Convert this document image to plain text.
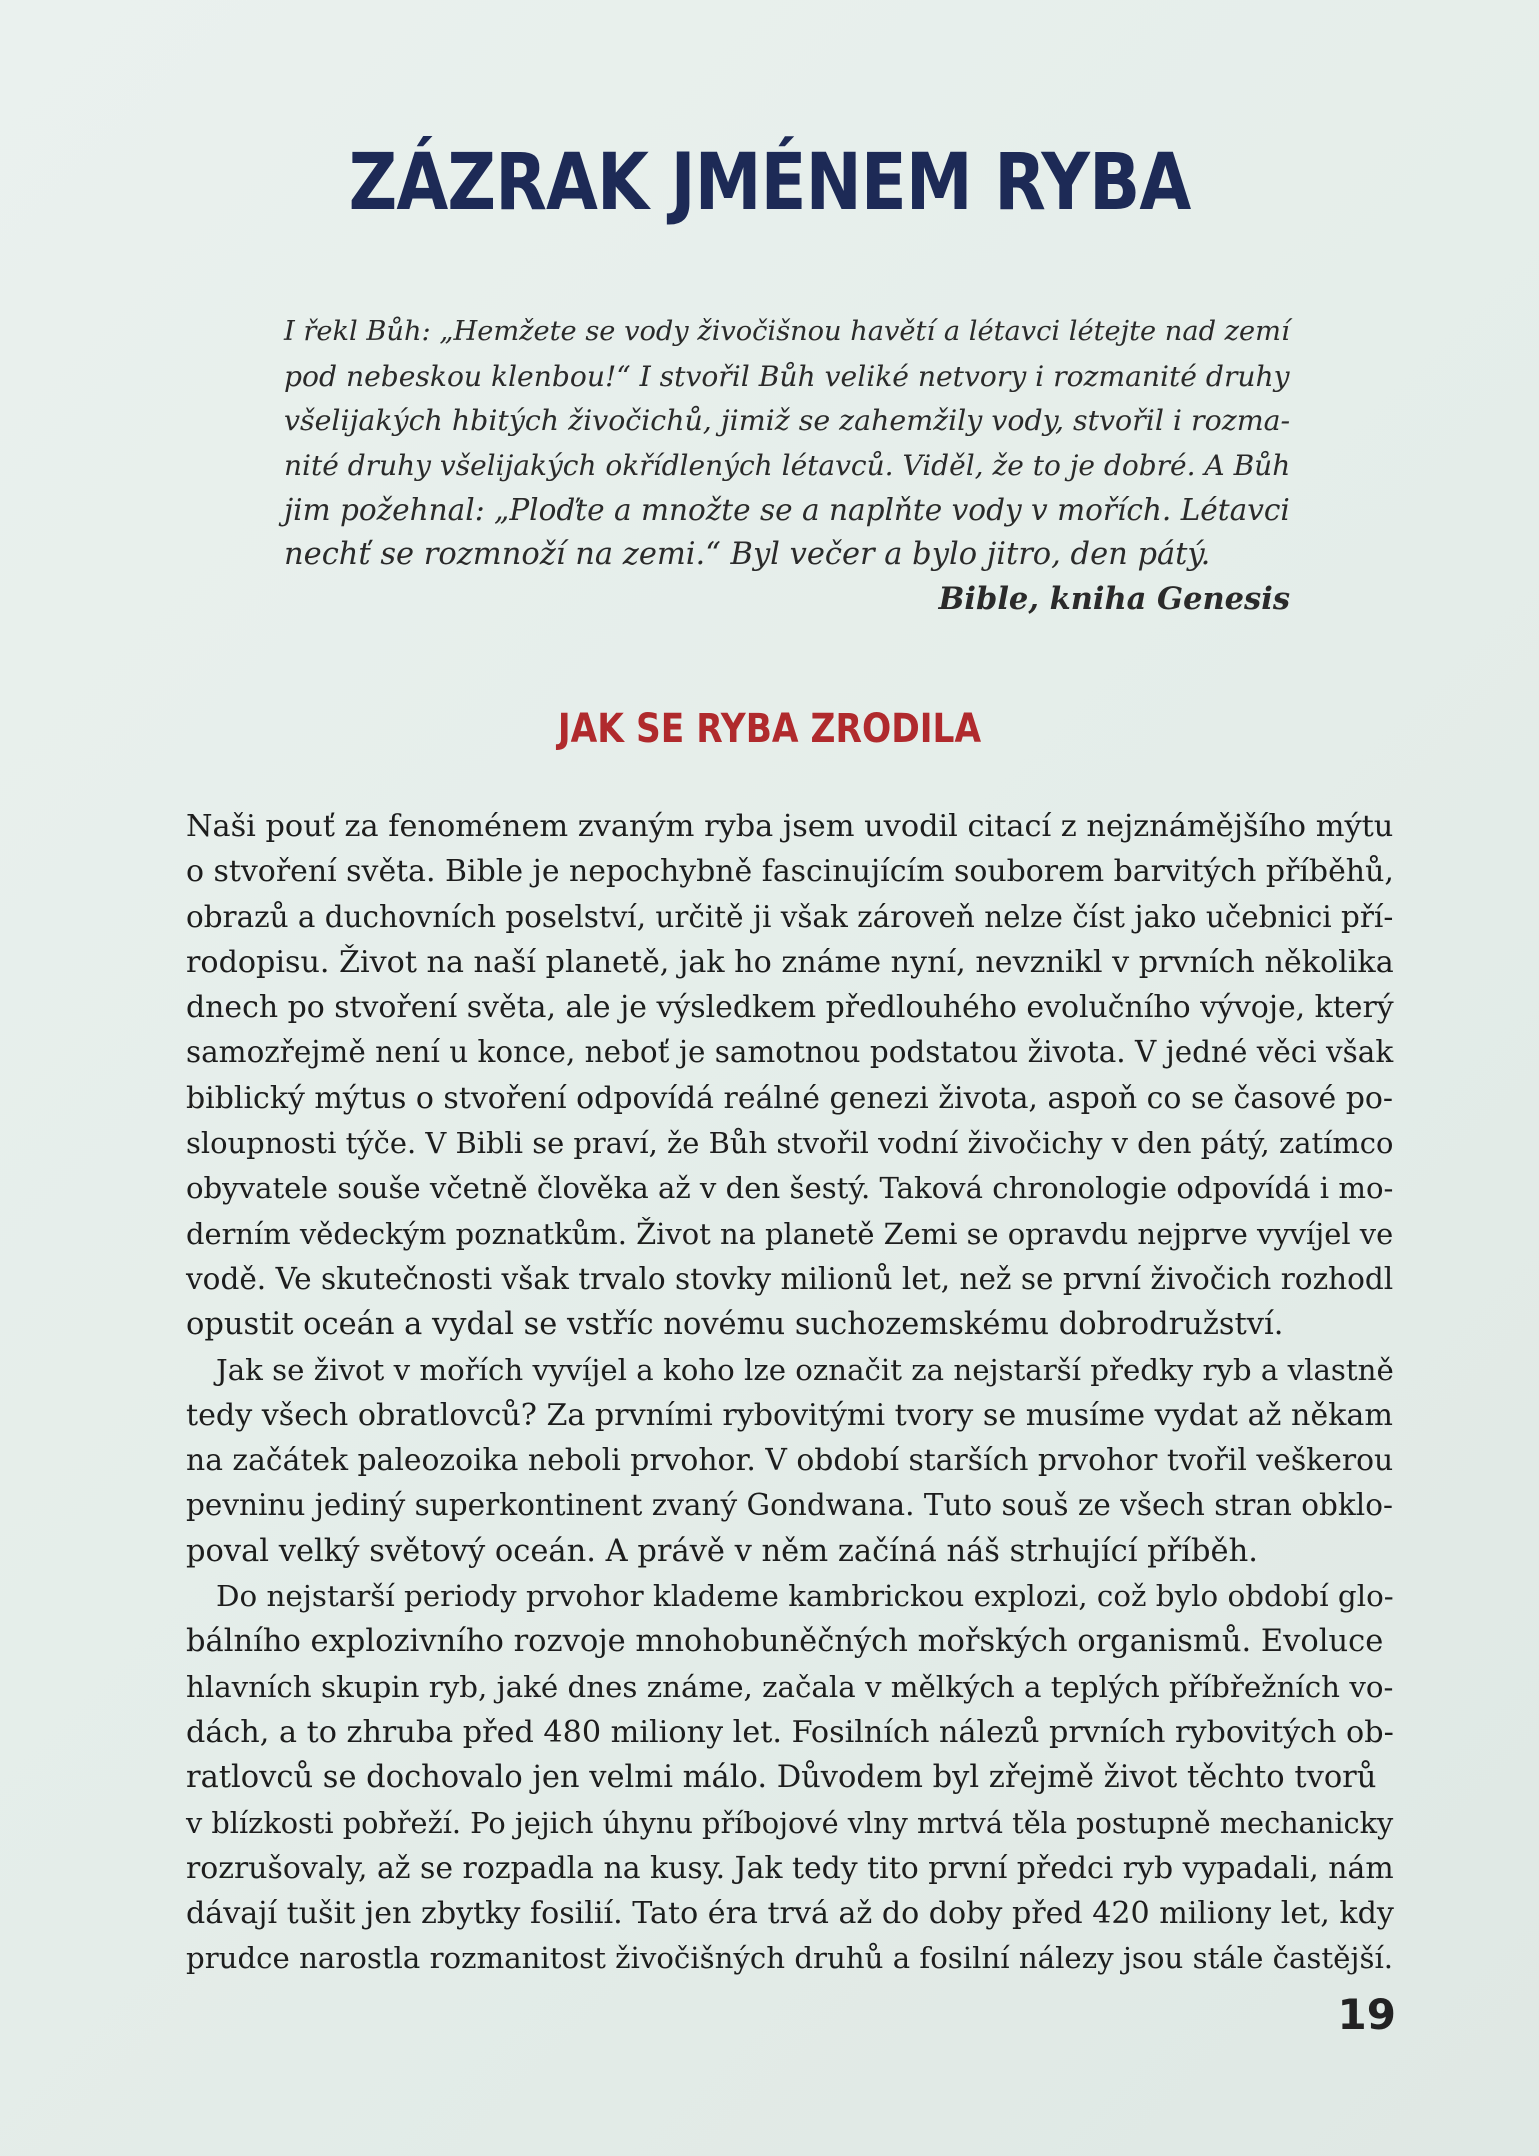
ZÁZRAK JMÉNEM RYBA
I řekl Bůh: „Hemžete se vody živočišnou havětí a létavci létejte nad zemí
pod nebeskou klenbou!“ I stvořil Bůh veliké netvory i rozmanité druhy
všelijakých hbitých živočichů, jimiž se zahemžily vody, stvořil i rozma-
nité druhy všelijakých okřídlených létavců. Viděl, že to je dobré. A Bůh
jim požehnal: „Ploďte a množte se a naplňte vody v mořích. Létavci
nechť se rozmnoží na zemi.“ Byl večer a bylo jitro, den pátý.
Bible, kniha Genesis
JAK SE RYBA ZRODILA
Naši pouť za fenoménem zvaným ryba jsem uvodil citací z nejznámějšího mýtu
o stvoření světa. Bible je nepochybně fascinujícím souborem barvitých příběhů,
obrazů a duchovních poselství, určitě ji však zároveň nelze číst jako učebnici pří-
rodopisu. Život na naší planetě, jak ho známe nyní, nevznikl v prvních několika
dnech po stvoření světa, ale je výsledkem předlouhého evolučního vývoje, který
samozřejmě není u konce, neboť je samotnou podstatou života. V jedné věci však
biblický mýtus o stvoření odpovídá reálné genezi života, aspoň co se časové po-
sloupnosti týče. V Bibli se praví, že Bůh stvořil vodní živočichy v den pátý, zatímco
obyvatele souše včetně člověka až v den šestý. Taková chronologie odpovídá i mo-
derním vědeckým poznatkům. Život na planetě Zemi se opravdu nejprve vyvíjel ve
vodě. Ve skutečnosti však trvalo stovky milionů let, než se první živočich rozhodl
opustit oceán a vydal se vstříc novému suchozemskému dobrodružství.
Jak se život v mořích vyvíjel a koho lze označit za nejstarší předky ryb a vlastně
tedy všech obratlovců? Za prvními rybovitými tvory se musíme vydat až někam
na začátek paleozoika neboli prvohor. V období starších prvohor tvořil veškerou
pevninu jediný superkontinent zvaný Gondwana. Tuto souš ze všech stran obklo-
poval velký světový oceán. A právě v něm začíná náš strhující příběh.
Do nejstarší periody prvohor klademe kambrickou explozi, což bylo období glo-
bálního explozivního rozvoje mnohobuněčných mořských organismů. Evoluce
hlavních skupin ryb, jaké dnes známe, začala v mělkých a teplých příbřežních vo-
dách, a to zhruba před 480 miliony let. Fosilních nálezů prvních rybovitých ob-
ratlovců se dochovalo jen velmi málo. Důvodem byl zřejmě život těchto tvorů
v blízkosti pobřeží. Po jejich úhynu příbojové vlny mrtvá těla postupně mechanicky
rozrušovaly, až se rozpadla na kusy. Jak tedy tito první předci ryb vypadali, nám
dávají tušit jen zbytky fosilií. Tato éra trvá až do doby před 420 miliony let, kdy
prudce narostla rozmanitost živočišných druhů a fosilní nálezy jsou stále častější.
19
